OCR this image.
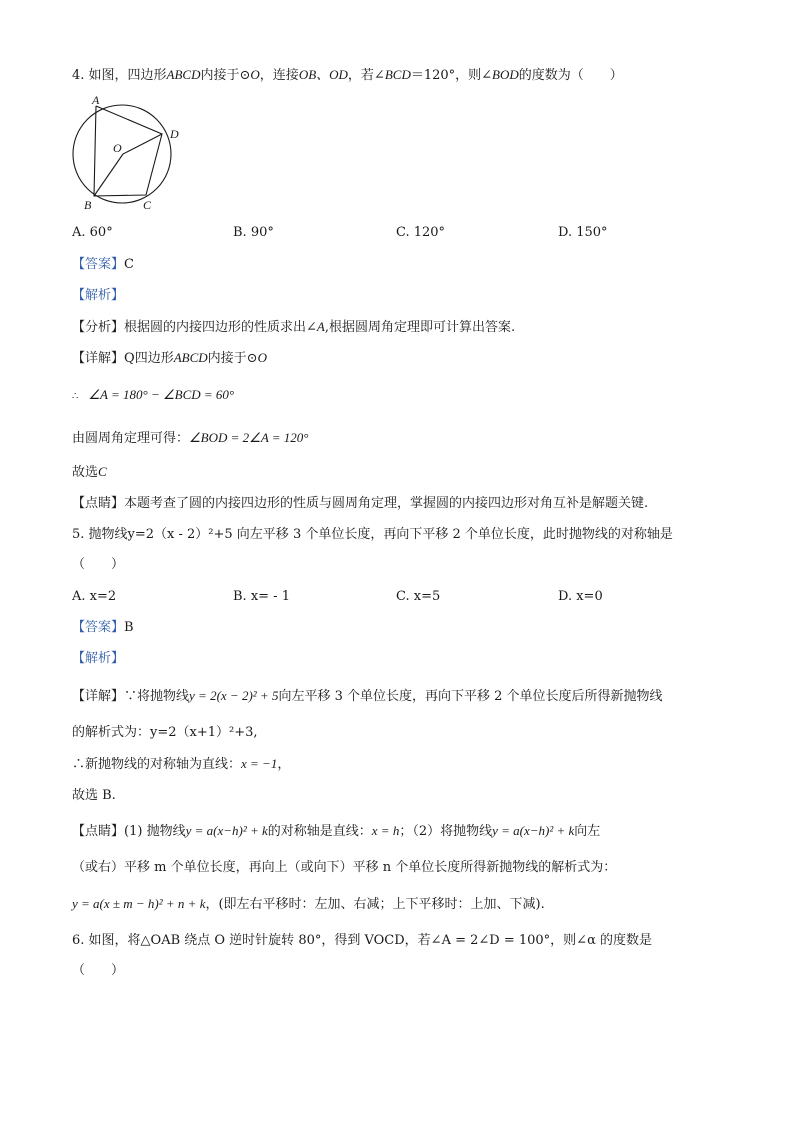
4. 如图，四边形ABCD内接于⊙O，连接OB、OD，若∠BCD＝120°，则∠BOD的度数为（　　）
A
D
O
B	C
A. 60°	B. 90°	C. 120°	D. 150°
【答案】C
【解析】
【分析】根据圆的内接四边形的性质求出∠A,根据圆周角定理即可计算出答案.
【详解】Q四边形ABCD内接于⊙O
∴ ∠A = 180° − ∠BCD = 60°
由圆周角定理可得：∠BOD = 2∠A = 120°
故选C
【点睛】本题考查了圆的内接四边形的性质与圆周角定理，掌握圆的内接四边形对角互补是解题关键.
5. 抛物线y=2（x - 2）²+5 向左平移 3 个单位长度，再向下平移 2 个单位长度，此时抛物线的对称轴是
（　　）
A. x=2	B. x= - 1	C. x=5	D. x=0
【答案】B
【解析】
【详解】∵将抛物线y = 2(x − 2)² + 5向左平移 3 个单位长度，再向下平移 2 个单位长度后所得新抛物线
的解析式为：y=2（x+1）²+3,
∴新抛物线的对称轴为直线：x = −1，
故选 B.
【点睛】(1) 抛物线y = a(x−h)² + k的对称轴是直线：x = h；（2）将抛物线y = a(x−h)² + k向左
（或右）平移 m 个单位长度，再向上（或向下）平移 n 个单位长度所得新抛物线的解析式为：
y = a(x ± m − h)² + n + k，(即左右平移时：左加、右减；上下平移时：上加、下减).
6. 如图，将△OAB 绕点 O 逆时针旋转 80°，得到 VOCD，若∠A = 2∠D = 100°，则∠α 的度数是
（　　）
